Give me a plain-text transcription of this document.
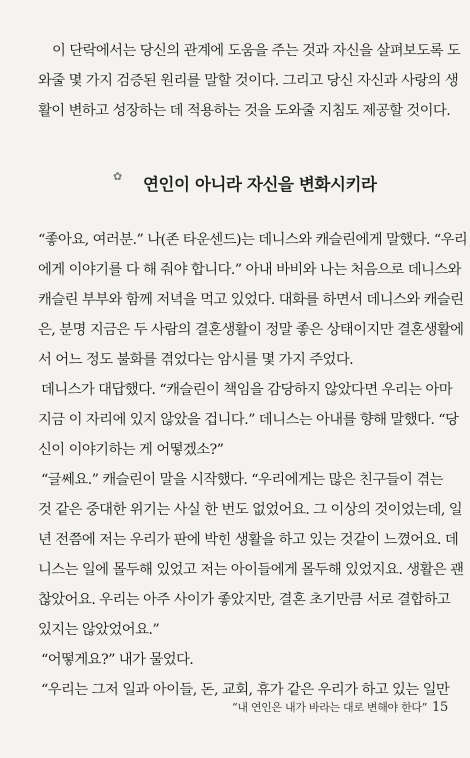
이 단락에서는 당신의 관계에 도움을 주는 것과 자신을 살펴보도록 도
와줄 몇 가지 검증된 원리를 말할 것이다. 그리고 당신 자신과 사랑의 생
활이 변하고 성장하는 데 적용하는 것을 도와줄 지침도 제공할 것이다.
✿ 연인이 아니라 자신을 변화시키라
“좋아요, 여러분.” 나(존 타운센드)는 데니스와 캐슬린에게 말했다. “우리
에게 이야기를 다 해 줘야 합니다.” 아내 바비와 나는 처음으로 데니스와
캐슬린 부부와 함께 저녁을 먹고 있었다. 대화를 하면서 데니스와 캐슬린
은, 분명 지금은 두 사람의 결혼생활이 정말 좋은 상태이지만 결혼생활에
서 어느 정도 불화를 겪었다는 암시를 몇 가지 주었다.
데니스가 대답했다. “캐슬린이 책임을 감당하지 않았다면 우리는 아마
지금 이 자리에 있지 않았을 겁니다.” 데니스는 아내를 향해 말했다. “당
신이 이야기하는 게 어떻겠소?”
“글쎄요.” 캐슬린이 말을 시작했다. “우리에게는 많은 친구들이 겪는
것 같은 중대한 위기는 사실 한 번도 없었어요. 그 이상의 것이었는데, 일
년 전쯤에 저는 우리가 판에 박힌 생활을 하고 있는 것같이 느꼈어요. 데
니스는 일에 몰두해 있었고 저는 아이들에게 몰두해 있었지요. 생활은 괜
찮았어요. 우리는 아주 사이가 좋았지만, 결혼 초기만큼 서로 결합하고
있지는 않았었어요.”
“어떻게요?” 내가 물었다.
“우리는 그저 일과 아이들, 돈, 교회, 휴가 같은 우리가 하고 있는 일만
“내 연인은 내가 바라는 대로 변해야 한다” 15
